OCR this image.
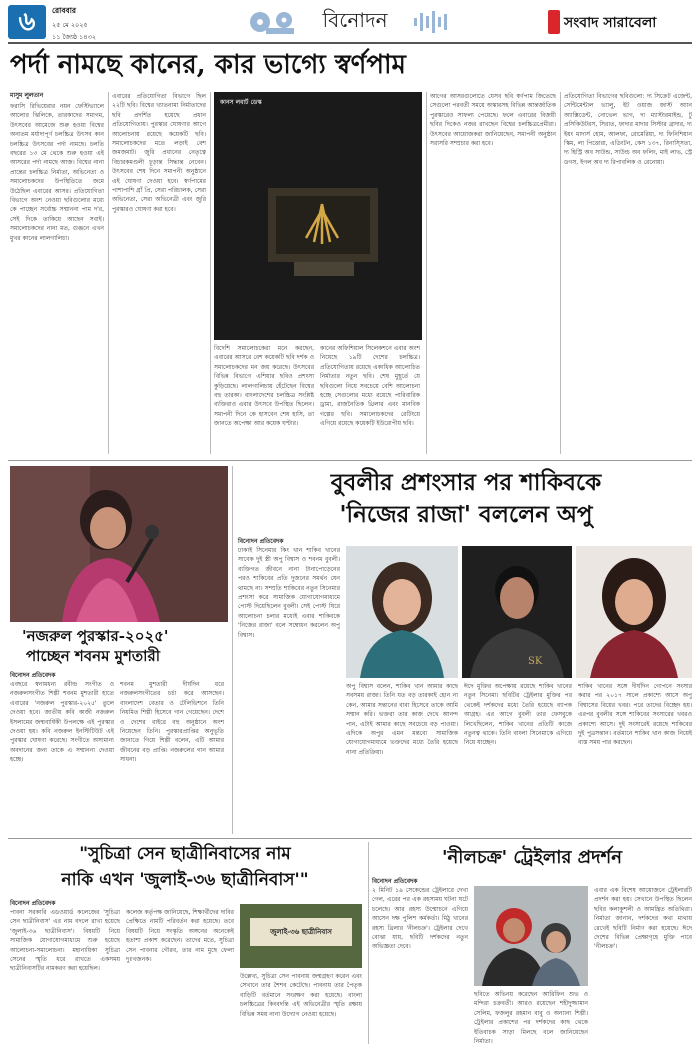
৬	রোববার
২৫ মে ২০২৫
১১ জ্যৈষ্ঠ ১৪৩২
বিনোদন	সংবাদ সারাবেলা
পর্দা নামছে কানের, কার ভাগ্যে স্বর্ণপাম
মাসুম লুলতান
ফরাসি রিভিয়েরার নয়ন ফেস্টিভ্যালে আলোর ঝিলিকে, তারকাদের সমাগম, উৎসবের আমেজে শুরু হওয়া বিশ্বের অন্যতম মর্যাদাপূর্ণ চলচ্চিত্র উৎসব কান চলচ্চিত্র উৎসবের পর্দা নামছে। চলতি বছরের ১৩ মে থেকে শুরু হওয়া এই আসরের পর্দা নামছে আজ। বিশ্বের নানা প্রান্তের চলচ্চিত্র নির্মাতা, অভিনেতা ও সমালোচকদের উপস্থিতিতে জমে উঠেছিল এবারের আসর। প্রতিযোগিতা বিভাগে অংশ নেওয়া ছবিগুলোর মধ্যে কে পাচ্ছেন সর্বোচ্চ সম্মাননা পাম দ'র, সেই দিকে তাকিয়ে আছেন সবাই। সমালোচকদের নানা মত, গুঞ্জনে এখন মুখর কানের লালগালিচা।
এবারের প্রতিযোগিতা বিভাগে ছিল ২২টি ছবি। বিশ্বের খ্যাতনামা নির্মাতাদের ছবি প্রদর্শিত হয়েছে প্রধান প্রতিযোগিতায়। পুরস্কার ঘোষণার আগে আলোচনায় রয়েছে কয়েকটি ছবি। সমালোচকদের মতে লড়াই বেশ জমজমাট। জুরি প্রধানের নেতৃত্বে বিচারকমণ্ডলী চূড়ান্ত সিদ্ধান্ত নেবেন। উৎসবের শেষ দিনে সমাপনী অনুষ্ঠানে এই ঘোষণা দেওয়া হবে। স্বর্ণপামের পাশাপাশি গ্রাঁ প্রি, সেরা পরিচালক, সেরা অভিনেতা, সেরা অভিনেত্রী এবং জুরি পুরস্কারও ঘোষণা করা হবে।
কানস লবার্ট ডেস্ক
বিদেশি সমালোচকেরা মনে করছেন, এবারের আসরে বেশ কয়েকটি ছবি দর্শক ও সমালোচকদের মন জয় করেছে। উৎসবের বিভিন্ন বিভাগে এশিয়ার ছবিও প্রশংসা কুড়িয়েছে। লালগালিচায় হেঁটেছেন বিশ্বের বহু তারকা। বাংলাদেশের চলচ্চিত্র সংশ্লিষ্ট ব্যক্তিরাও এবার উৎসবে উপস্থিত ছিলেন। সমাপনী দিনে কে হাসবেন শেষ হাসি, তা জানতে অপেক্ষা আর কয়েক ঘণ্টার।
কানের অফিশিয়াল সিলেকশনে এবার অংশ নিয়েছে ১৯টি দেশের চলচ্চিত্র। প্রতিযোগিতায় রয়েছে একাধিক আলোচিত নির্মাতার নতুন ছবি। শেষ মুহূর্তে যে ছবিগুলো নিয়ে সবচেয়ে বেশি আলোচনা হচ্ছে সেগুলোর মধ্যে রয়েছে পারিবারিক ড্রামা, রাজনৈতিক থ্রিলার এবং মানবিক গল্পের ছবি। সমালোচকদের রেটিংয়ে এগিয়ে রয়েছে কয়েকটি ইউরোপীয় ছবি।
আগের আসরগুলোতে যেসব ছবি স্বর্ণপাম জিতেছে সেগুলো পরবর্তী সময়ে অস্কারসহ বিভিন্ন আন্তর্জাতিক পুরস্কারেও সাফল্য পেয়েছে। ফলে এবারের বিজয়ী ছবির দিকেও নজর রাখছেন বিশ্বের চলচ্চিত্রপ্রেমীরা। উৎসবের আয়োজকরা জানিয়েছেন, সমাপনী অনুষ্ঠান সরাসরি সম্প্রচার করা হবে।
প্রতিযোগিতা বিভাগের ছবিগুলো: দ্য সিক্রেট এজেন্ট, সেন্টিমেন্টাল ভ্যালু, ইট ওয়াজ জাস্ট অ্যান অ্যাক্সিডেন্ট, নোভেল ভাগ, দ্য ম্যাস্টারমাইন্ড, টু প্রসিকিউটরস, সিরাত, ফাদার মাদার সিস্টার ব্রাদার, দ্য ইয়ং মাদার্স হোম, আলফা, রোমেরিয়া, দ্য ফিনিশিয়ান স্কিম, লা পিত্তোরা, এডিংটন, কেস ১৩৭, রিনাস্সিতা, দ্য হিস্ট্রি অব সাউন্ড, সাউন্ড অব ফলিং, মাই লাভ, স্ট্রে ডগস, ইগল অব দ্য রিপাবলিক ও রেনোয়া।
'নজরুল পুরস্কার-২০২৫'
পাচ্ছেন শবনম মুশতারী
বিনোদন প্রতিবেদক
এবছরে স্বনামধন্য রবীন্দ্র সংগীত ও নজরুলসংগীত শিল্পী শবনম মুশতারী হাতে এবারের 'নজরুল পুরস্কার-২০২৫' তুলে দেওয়া হবে। জাতীয় কবি কাজী নজরুল ইসলামের জন্মবার্ষিকী উপলক্ষে এই পুরস্কার দেওয়া হয়। কবি নজরুল ইনস্টিটিউট এই পুরস্কার ঘোষণা করেছে। সংগীতে অসামান্য অবদানের জন্য তাকে এ সম্মাননা দেওয়া হচ্ছে।
শবনম মুশতারী দীর্ঘদিন ধরে নজরুলসংগীতের চর্চা করে আসছেন। বাংলাদেশ বেতার ও টেলিভিশনে তিনি নিয়মিত শিল্পী হিসেবে গান গেয়েছেন। দেশে ও দেশের বাইরে বহু অনুষ্ঠানে অংশ নিয়েছেন তিনি। পুরস্কারপ্রাপ্তির অনুভূতি জানাতে গিয়ে শিল্পী বলেন, এটি আমার জীবনের বড় প্রাপ্তি। নজরুলের গান আমার সাধনা।
বুবলীর প্রশংসার পর শাকিবকে
'নিজের রাজা' বললেন অপু
বিনোদন প্রতিবেদক
ঢাকাই সিনেমার কিং খান শাকিব খানের সাবেক দুই স্ত্রী অপু বিশ্বাস ও শবনম বুবলী। ব্যক্তিগত জীবনে নানা টানাপোড়েনের পরও শাকিবের প্রতি দুজনের সমর্থন যেন থামছে না। সম্প্রতি শাকিবের নতুন সিনেমার প্রশংসা করে সামাজিক যোগাযোগমাধ্যমে পোস্ট দিয়েছিলেন বুবলী। সেই পোস্ট ঘিরে আলোচনা চলার মধ্যেই এবার শাকিবকে 'নিজের রাজা' বলে সম্বোধন করলেন অপু বিশ্বাস।
SK
অপু বিশ্বাস বলেন, শাকিব খান আমার কাছে সবসময় রাজা। তিনি যত বড় তারকাই হোন না কেন, আমার সন্তানের বাবা হিসেবে তাকে আমি সম্মান করি। ভক্তরা তার কাজ দেখে আনন্দ পান, এটাই আমার কাছে সবচেয়ে বড় পাওয়া। এদিকে অপুর এমন মন্তব্যে সামাজিক যোগাযোগমাধ্যমে ভক্তদের মধ্যে তৈরি হয়েছে নানা প্রতিক্রিয়া।
ঈদে মুক্তির অপেক্ষায় রয়েছে শাকিব খানের নতুন সিনেমা। ছবিটির ট্রেইলার মুক্তির পর থেকেই দর্শকদের মধ্যে তৈরি হয়েছে ব্যাপক আগ্রহ। এর আগে বুবলী তার ফেসবুকে লিখেছিলেন, শাকিব খানের প্রতিটি কাজে নতুনত্ব থাকে। তিনি বাংলা সিনেমাকে এগিয়ে নিয়ে যাচ্ছেন।
শাকিব খানের সঙ্গে দীর্ঘদিন গোপনে সংসার করার পর ২০১৭ সালে প্রকাশ্যে আসে অপু বিশ্বাসের বিয়ের খবর। পরে তাদের বিচ্ছেদ হয়। এরপর বুবলীর সঙ্গে শাকিবের সংসারের খবরও প্রকাশ্যে আসে। দুই সংসারেই রয়েছে শাকিবের দুই পুত্রসন্তান। বর্তমানে শাকিব খান কাজ নিয়েই ব্যস্ত সময় পার করছেন।
"সুচিত্রা সেন ছাত্রীনিবাসের নাম
নাকি এখন 'জুলাই-৩৬ ছাত্রীনিবাস'"
বিনোদন প্রতিবেদক
পাবনা সরকারি এডওয়ার্ড কলেজের 'সুচিত্রা সেন ছাত্রীনিবাস' এর নাম বদলে রাখা হয়েছে 'জুলাই-৩৬ ছাত্রীনিবাস'। বিষয়টি নিয়ে সামাজিক যোগাযোগমাধ্যমে শুরু হয়েছে আলোচনা-সমালোচনা। মহানায়িকা সুচিত্রা সেনের স্মৃতি ধরে রাখতে একসময় ছাত্রীনিবাসটির নামকরণ করা হয়েছিল।
কলেজ কর্তৃপক্ষ জানিয়েছে, শিক্ষার্থীদের দাবির প্রেক্ষিতে নামটি পরিবর্তন করা হয়েছে। তবে বিষয়টি নিয়ে সংস্কৃতি অঙ্গনের অনেকেই হতাশা প্রকাশ করেছেন। তাদের মতে, সুচিত্রা সেন পাবনার গৌরব, তার নাম মুছে ফেলা দুঃখজনক।
জুলাই-৩৬ ছাত্রীনিবাস
উল্লেখ্য, সুচিত্রা সেন পাবনায় জন্মগ্রহণ করেন এবং সেখানে তার শৈশব কেটেছে। পাবনায় তার পৈতৃক বাড়িটি বর্তমানে সংরক্ষণ করা হয়েছে। বাংলা চলচ্চিত্রের কিংবদন্তি এই অভিনেত্রীর স্মৃতি রক্ষায় বিভিন্ন সময় নানা উদ্যোগ নেওয়া হয়েছে।
'নীলচক্র' ট্রেইলার প্রদর্শন
বিনোদন প্রতিবেদক
২ মিনিট ১৯ সেকেন্ডের ট্রেইলারে দেখা গেল, এরের পর এক রহস্যময় ঘটনা ঘটে চলেছে। আর রহস্য উন্মোচনে এগিয়ে আসেন দক্ষ পুলিশ কর্মকর্তা। মিঠু খানের রহস্য থ্রিলার 'নীলচক্র'। ট্রেইলার দেখে বোঝা যায়, ছবিটি দর্শকদের নতুন অভিজ্ঞতা দেবে।
ছবিতে অভিনয় করেছেন আরিফিন শুভ ও মন্দিরা চক্রবর্তী। আরও রয়েছেন শহীদুজ্জামান সেলিম, ফজলুর রহমান বাবু ও অন্যান্য শিল্পী। ট্রেইলার প্রকাশের পর দর্শকদের কাছ থেকে ইতিবাচক সাড়া মিলছে বলে জানিয়েছেন নির্মাতা।
এবার এক বিশেষ আয়োজনে ট্রেইলারটি প্রদর্শন করা হয়। সেখানে উপস্থিত ছিলেন ছবির কলাকুশলী ও আমন্ত্রিত অতিথিরা। নির্মাতা জানান, দর্শকদের কথা মাথায় রেখেই ছবিটি নির্মাণ করা হয়েছে। ঈদে দেশের বিভিন্ন প্রেক্ষাগৃহে মুক্তি পাবে 'নীলচক্র'।
